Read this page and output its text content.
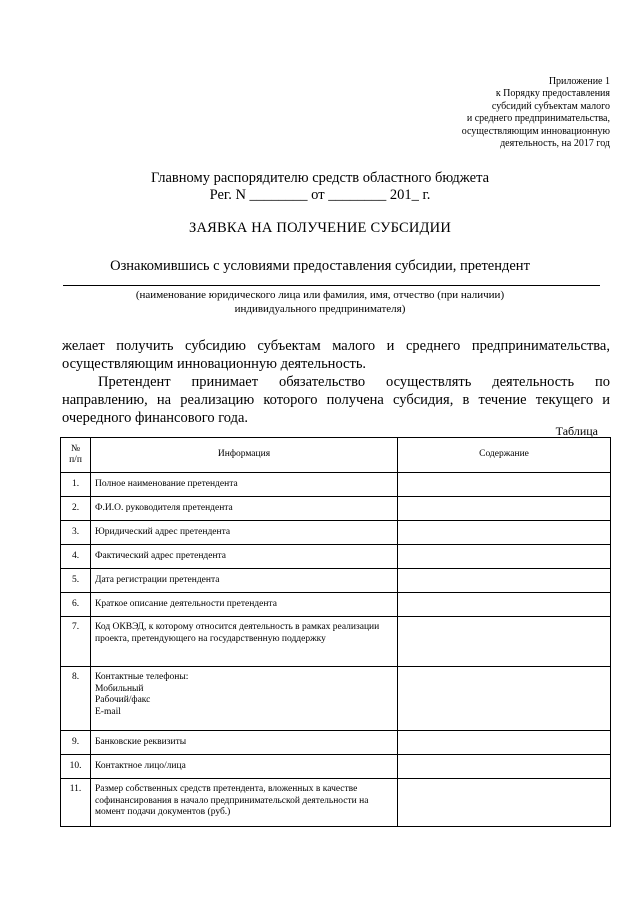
Приложение 1
к Порядку предоставления
субсидий субъектам малого
и среднего предпринимательства,
осуществляющим инновационную
деятельность, на 2017 год
Главному распорядителю средств областного бюджета
Рег. N ________ от ________ 201_ г.
ЗАЯВКА НА ПОЛУЧЕНИЕ СУБСИДИИ
Ознакомившись с условиями предоставления субсидии, претендент
(наименование юридического лица или фамилия, имя, отчество (при наличии)
индивидуального предпринимателя)
желает получить субсидию субъектам малого и среднего предпринимательства, осуществляющим инновационную деятельность.
Претендент принимает обязательство осуществлять деятельность по направлению, на реализацию которого получена субсидия, в течение текущего и очередного финансового года.
Таблица
№
п/п	Информация	Содержание
1.	Полное наименование претендента	
2.	Ф.И.О. руководителя претендента	
3.	Юридический адрес претендента	
4.	Фактический адрес претендента	
5.	Дата регистрации претендента	
6.	Краткое описание деятельности претендента	
7.	Код ОКВЭД, к которому относится деятельность в рамках реализации проекта, претендующего на государственную поддержку	
8.	Контактные телефоны:
Мобильный
Рабочий/факс
E-mail	

9.	Банковские реквизиты	
10.	Контактное лицо/лица	
11.	Размер собственных средств претендента, вложенных в качестве софинансирования в начало предпринимательской деятельности на момент подачи документов (руб.)	
